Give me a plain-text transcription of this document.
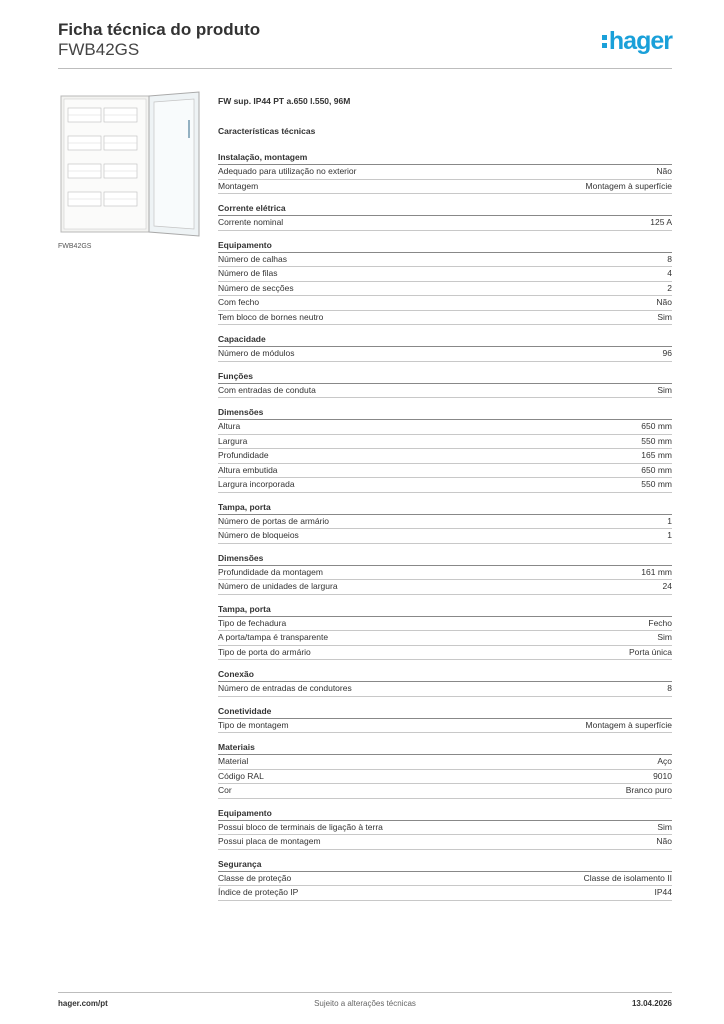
Ficha técnica do produto
FWB42GS	hager
FWB42GS
FW sup. IP44 PT a.650 l.550, 96M
Características técnicas
Instalação, montagem
Adequado para utilização no exterior	Não
Montagem	Montagem à superfície
Corrente elétrica
Corrente nominal	125 A
Equipamento
Número de calhas	8
Número de filas	4
Número de secções	2
Com fecho	Não
Tem bloco de bornes neutro	Sim
Capacidade
Número de módulos	96
Funções
Com entradas de conduta	Sim
Dimensões
Altura	650 mm
Largura	550 mm
Profundidade	165 mm
Altura embutida	650 mm
Largura incorporada	550 mm
Tampa, porta
Número de portas de armário	1
Número de bloqueios	1
Dimensões
Profundidade da montagem	161 mm
Número de unidades de largura	24
Tampa, porta
Tipo de fechadura	Fecho
A porta/tampa é transparente	Sim
Tipo de porta do armário	Porta única
Conexão
Número de entradas de condutores	8
Conetividade
Tipo de montagem	Montagem à superfície
Materiais
Material	Aço
Código RAL	9010
Cor	Branco puro
Equipamento
Possui bloco de terminais de ligação à terra	Sim
Possui placa de montagem	Não
Segurança
Classe de proteção	Classe de isolamento II
Índice de proteção IP	IP44
hager.com/pt	Sujeito a alterações técnicas	13.04.2026
